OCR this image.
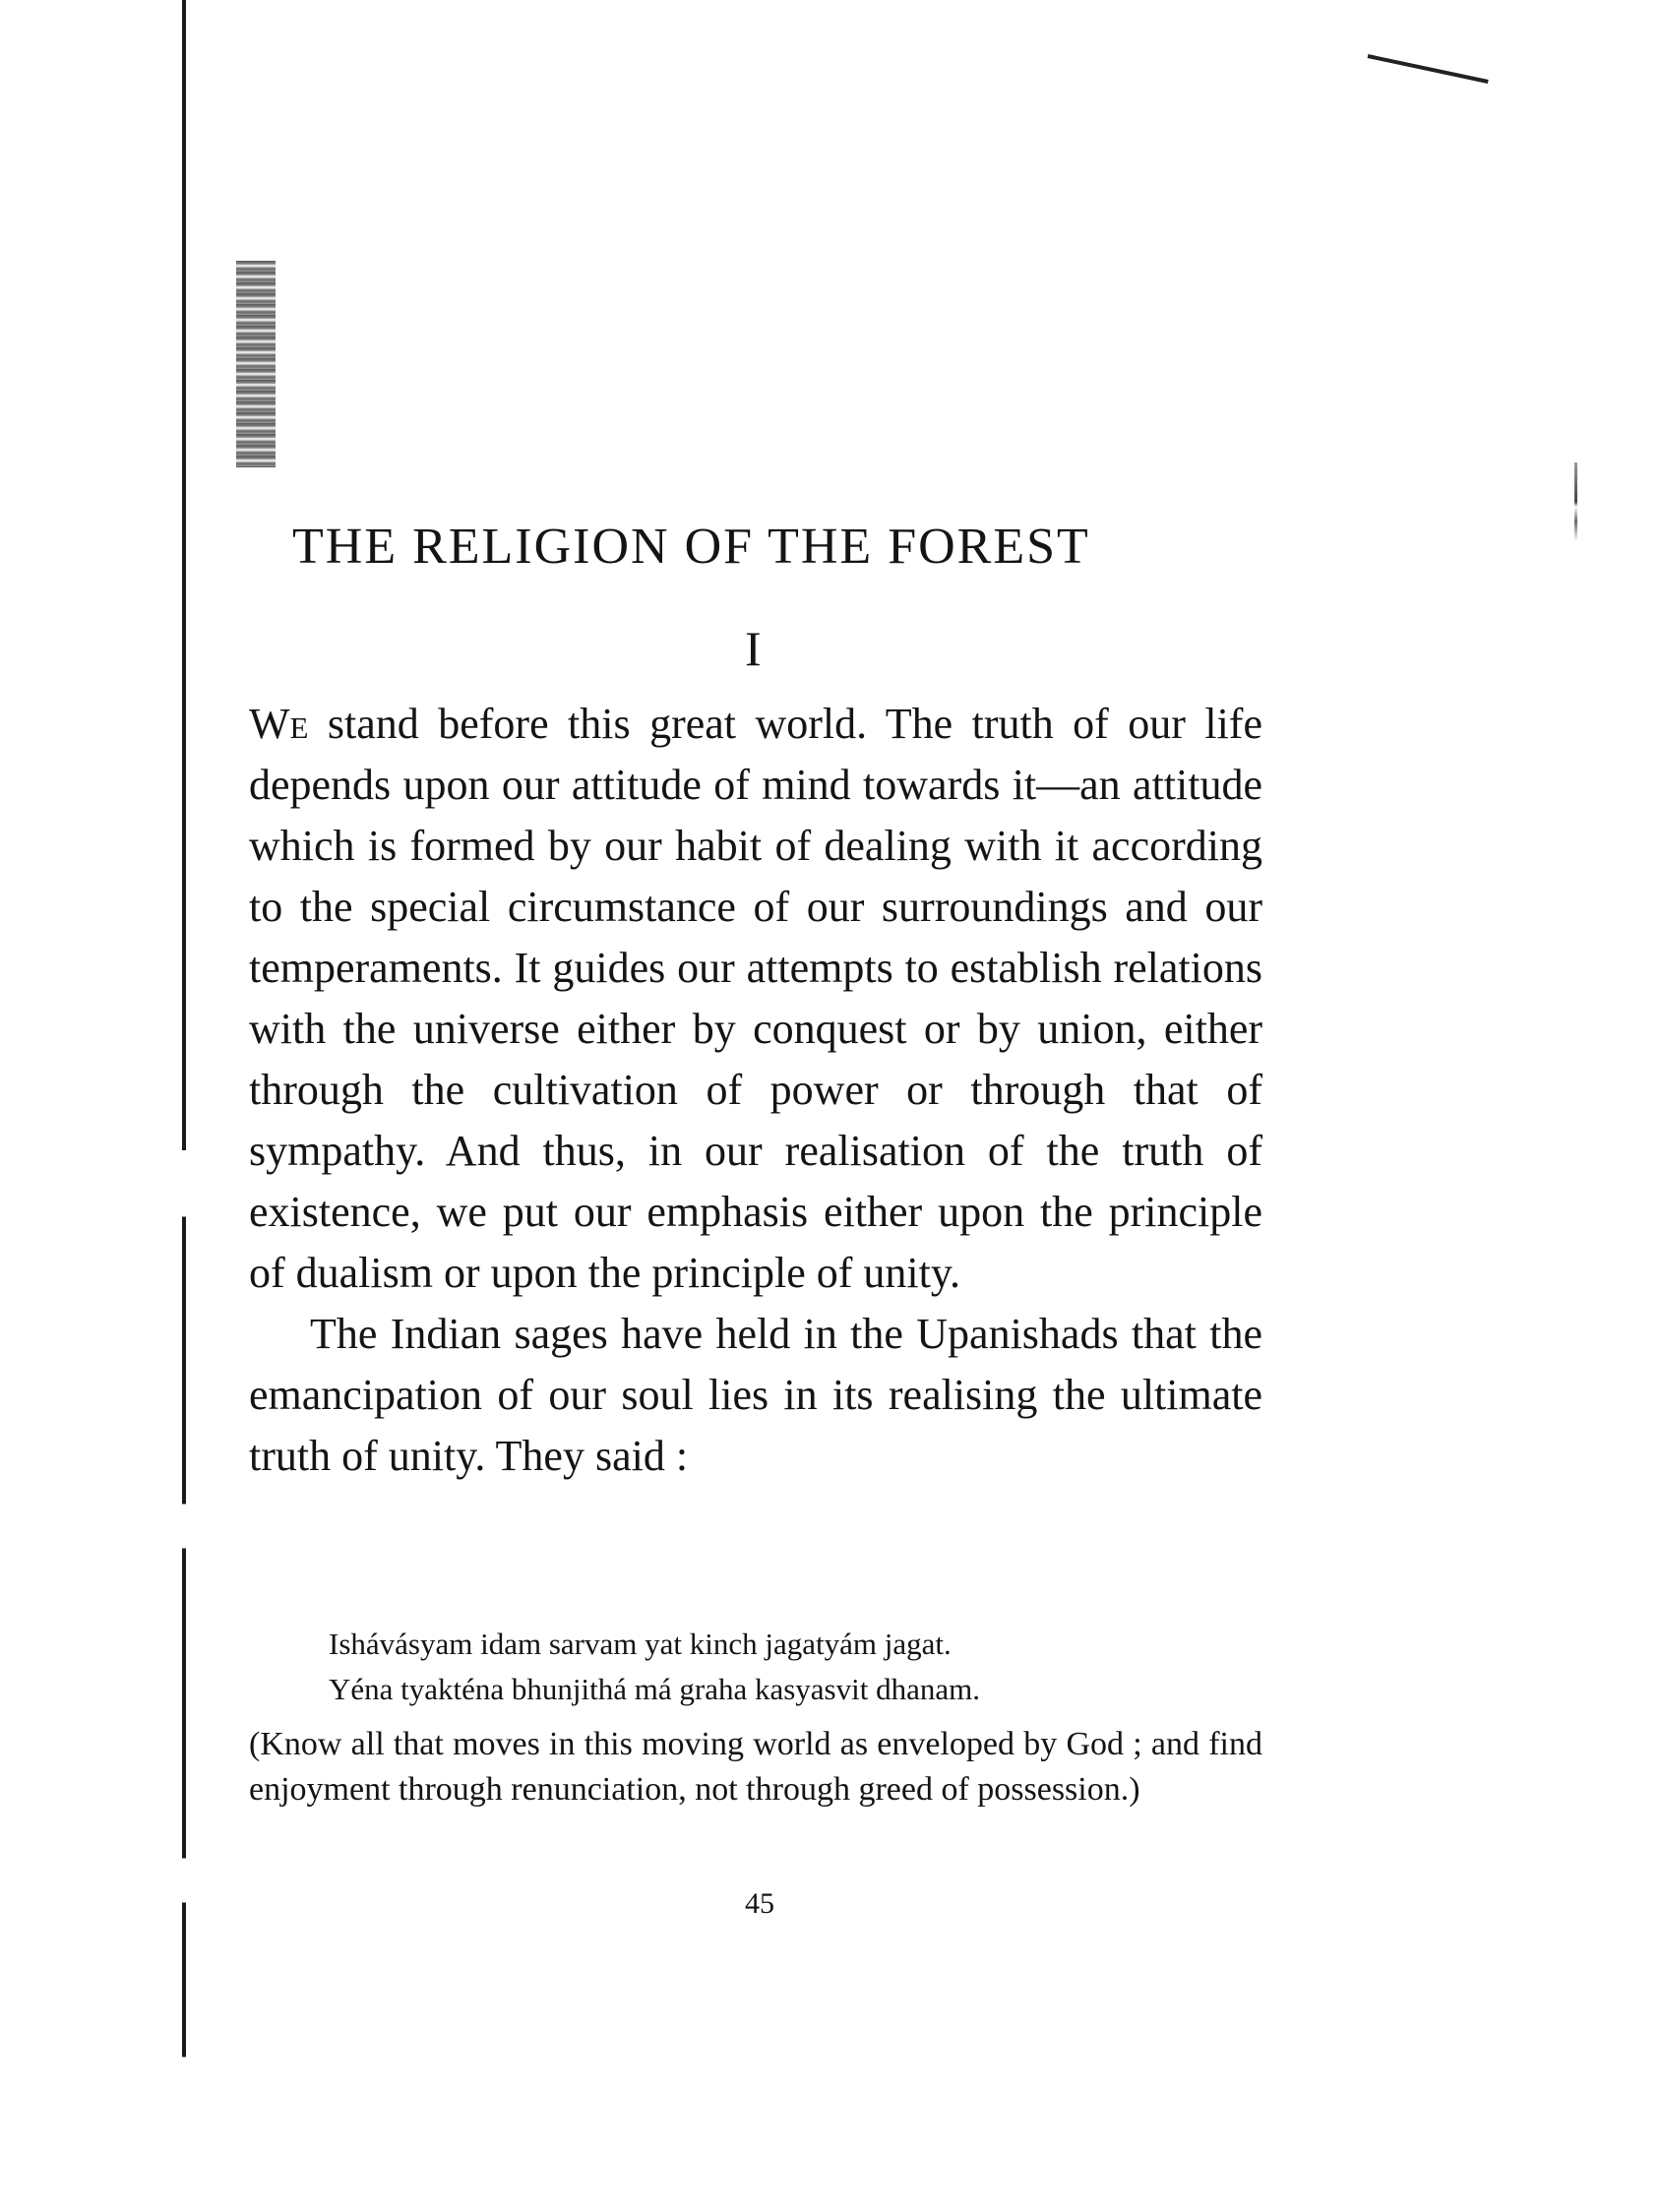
THE RELIGION OF THE FOREST
I

We stand before this great world. The truth of our life depends upon our attitude of mind towards it—an attitude which is formed by our habit of dealing with it according to the special circumstance of our surroundings and our temperaments. It guides our attempts to establish relations with the universe either by conquest or by union, either through the cultivation of power or through that of sympathy. And thus, in our realisation of the truth of existence, we put our emphasis either upon the principle of dualism or upon the principle of unity.

The Indian sages have held in the Upanishads that the emancipation of our soul lies in its realising the ultimate truth of unity. They said :

Ishávásyam idam sarvam yat kinch jagatyám jagat.
Yéna tyakténa bhunjithá má graha kasyasvit dhanam.

(Know all that moves in this moving world as enveloped by God ; and find enjoyment through renunciation, not through greed of possession.)

45
